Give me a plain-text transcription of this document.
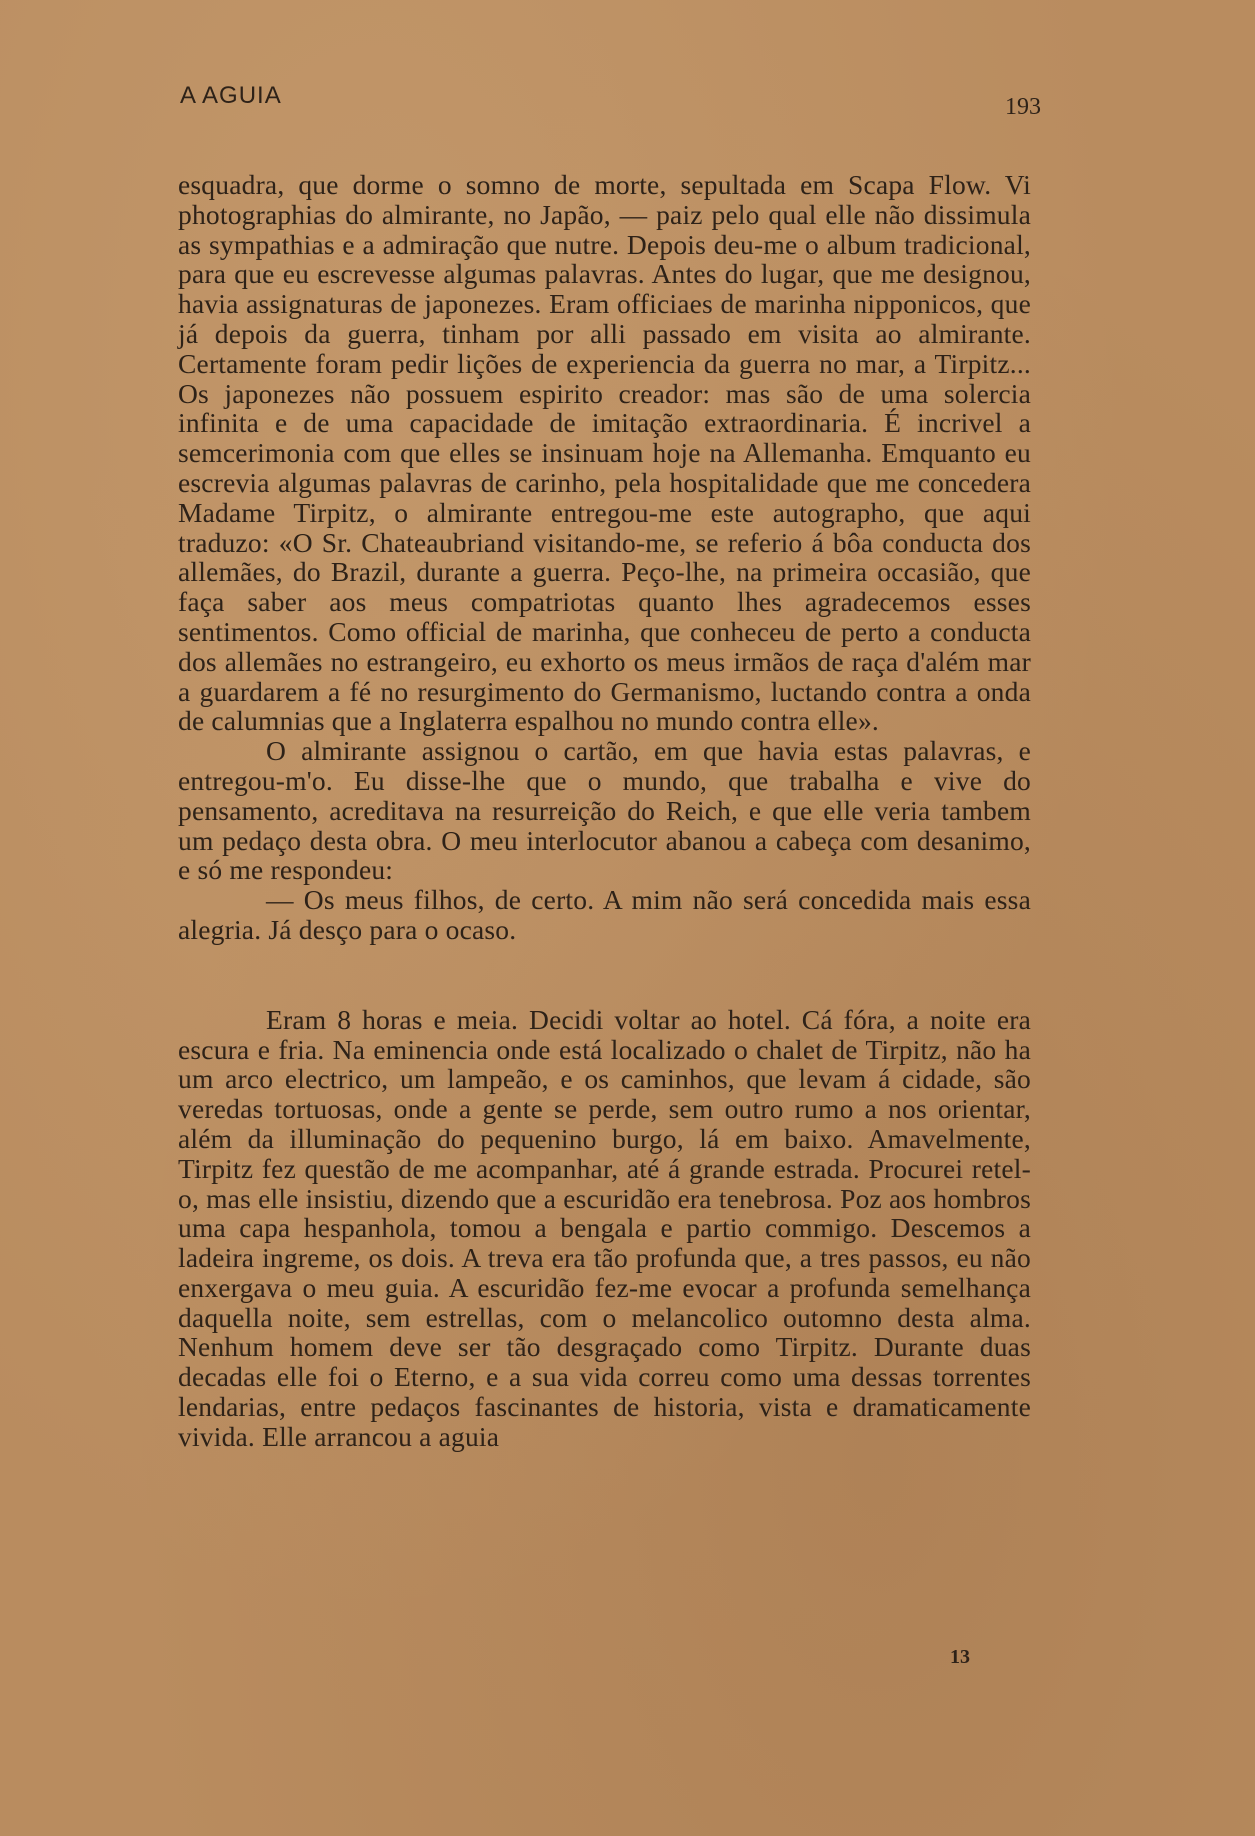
A AGUIA	193

esquadra, que dorme o somno de morte, sepultada em Scapa Flow. Vi photographias do almirante, no Japão, — paiz pelo qual elle não dissimula as sympathias e a admiração que nutre. Depois deu-me o album tradicional, para que eu escrevesse algumas palavras. Antes do lugar, que me designou, havia assignaturas de japonezes. Eram officiaes de marinha nipponicos, que já depois da guerra, tinham por alli passado em visita ao almirante. Certamente foram pedir lições de experiencia da guerra no mar, a Tirpitz... Os japonezes não possuem espirito creador: mas são de uma solercia infinita e de uma capacidade de imitação extraordinaria. É incrivel a semcerimonia com que elles se insinuam hoje na Allemanha. Emquanto eu escrevia algumas palavras de carinho, pela hospitalidade que me concedera Madame Tirpitz, o almirante entregou-me este autographo, que aqui traduzo: «O Sr. Chateaubriand visitando-me, se referio á bôa conducta dos allemães, do Brazil, durante a guerra. Peço-lhe, na primeira occasião, que faça saber aos meus compatriotas quanto lhes agradecemos esses sentimentos. Como official de marinha, que conheceu de perto a conducta dos allemães no estrangeiro, eu exhorto os meus irmãos de raça d'além mar a guardarem a fé no resurgimento do Germanismo, luctando contra a onda de calumnias que a Inglaterra espalhou no mundo contra elle».

O almirante assignou o cartão, em que havia estas palavras, e entregou-m'o. Eu disse-lhe que o mundo, que trabalha e vive do pensamento, acreditava na resurreição do Reich, e que elle veria tambem um pedaço desta obra. O meu interlocutor abanou a cabeça com desanimo, e só me respondeu:

— Os meus filhos, de certo. A mim não será concedida mais essa alegria. Já desço para o ocaso.

Eram 8 horas e meia. Decidi voltar ao hotel. Cá fóra, a noite era escura e fria. Na eminencia onde está localizado o chalet de Tirpitz, não ha um arco electrico, um lampeão, e os caminhos, que levam á cidade, são veredas tortuosas, onde a gente se perde, sem outro rumo a nos orientar, além da illuminação do pequenino burgo, lá em baixo. Amavelmente, Tirpitz fez questão de me acompanhar, até á grande estrada. Procurei retel-o, mas elle insistiu, dizendo que a escuridão era tenebrosa. Poz aos hombros uma capa hespanhola, tomou a bengala e partio commigo. Descemos a ladeira ingreme, os dois. A treva era tão profunda que, a tres passos, eu não enxergava o meu guia. A escuridão fez-me evocar a profunda semelhança daquella noite, sem estrellas, com o melancolico outomno desta alma. Nenhum homem deve ser tão desgraçado como Tirpitz. Durante duas decadas elle foi o Eterno, e a sua vida correu como uma dessas torrentes lendarias, entre pedaços fascinantes de historia, vista e dramaticamente vivida. Elle arrancou a aguia

13
